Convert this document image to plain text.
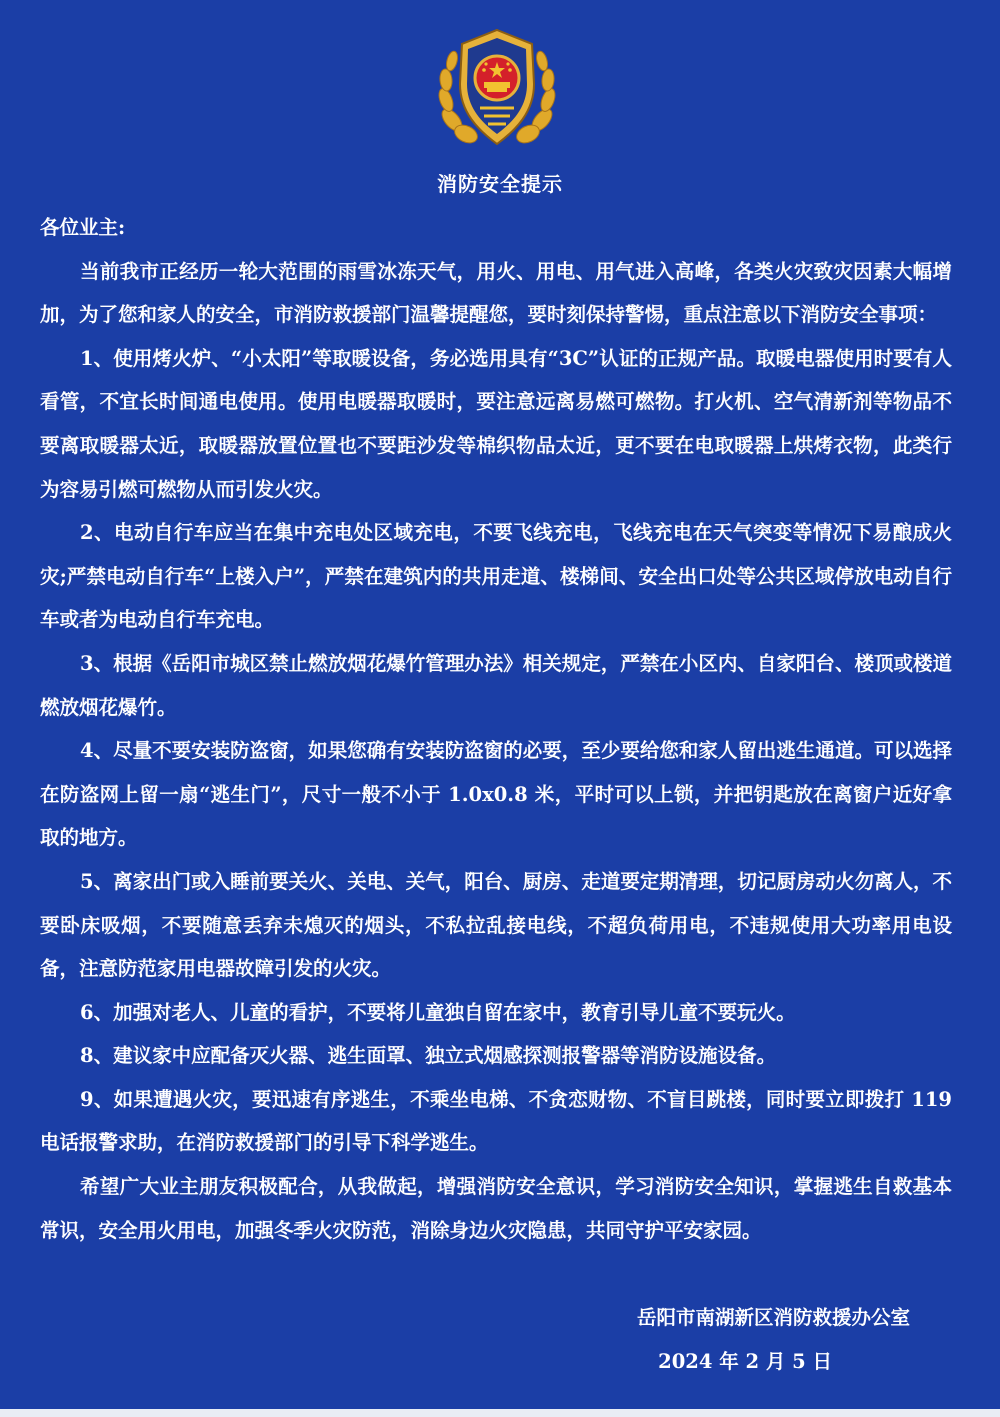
消防安全提示

各位业主:

当前我市正经历一轮大范围的雨雪冰冻天气，用火、用电、用气进入高峰，各类火灾致灾因素大幅增加，为了您和家人的安全，市消防救援部门温馨提醒您，要时刻保持警惕，重点注意以下消防安全事项：

1、使用烤火炉、“小太阳”等取暖设备，务必选用具有“3C”认证的正规产品。取暖电器使用时要有人看管，不宜长时间通电使用。使用电暖器取暖时，要注意远离易燃可燃物。打火机、空气清新剂等物品不要离取暖器太近，取暖器放置位置也不要距沙发等棉织物品太近，更不要在电取暖器上烘烤衣物，此类行为容易引燃可燃物从而引发火灾。

2、电动自行车应当在集中充电处区域充电，不要飞线充电，飞线充电在天气突变等情况下易酿成火灾;严禁电动自行车“上楼入户”，严禁在建筑内的共用走道、楼梯间、安全出口处等公共区域停放电动自行车或者为电动自行车充电。

3、根据《岳阳市城区禁止燃放烟花爆竹管理办法》相关规定，严禁在小区内、自家阳台、楼顶或楼道燃放烟花爆竹。

4、尽量不要安装防盗窗，如果您确有安装防盗窗的必要，至少要给您和家人留出逃生通道。可以选择在防盗网上留一扇“逃生门”，尺寸一般不小于 1.0x0.8 米，平时可以上锁，并把钥匙放在离窗户近好拿取的地方。

5、离家出门或入睡前要关火、关电、关气，阳台、厨房、走道要定期清理，切记厨房动火勿离人，不要卧床吸烟，不要随意丢弃未熄灭的烟头，不私拉乱接电线，不超负荷用电，不违规使用大功率用电设备，注意防范家用电器故障引发的火灾。

6、加强对老人、儿童的看护，不要将儿童独自留在家中，教育引导儿童不要玩火。

8、建议家中应配备灭火器、逃生面罩、独立式烟感探测报警器等消防设施设备。

9、如果遭遇火灾，要迅速有序逃生，不乘坐电梯、不贪恋财物、不盲目跳楼，同时要立即拨打 119 电话报警求助，在消防救援部门的引导下科学逃生。

希望广大业主朋友积极配合，从我做起，增强消防安全意识，学习消防安全知识，掌握逃生自救基本常识，安全用火用电，加强冬季火灾防范，消除身边火灾隐患，共同守护平安家园。

岳阳市南湖新区消防救援办公室
2024 年 2 月 5 日
